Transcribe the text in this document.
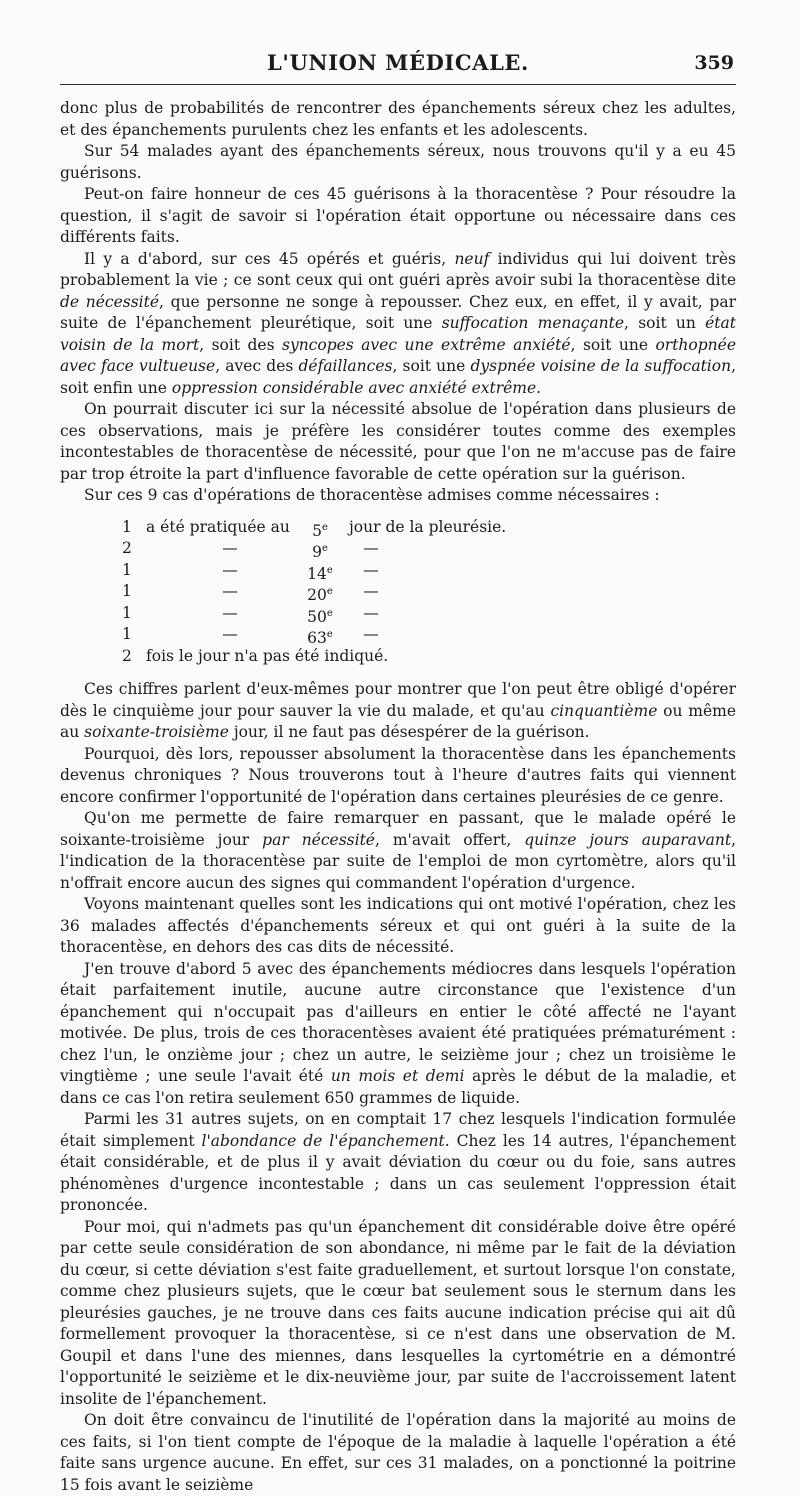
L'UNION MÉDICALE.	359

donc plus de probabilités de rencontrer des épanchements séreux chez les adultes, et des épanchements purulents chez les enfants et les adolescents.

Sur 54 malades ayant des épanchements séreux, nous trouvons qu'il y a eu 45 guérisons.

Peut-on faire honneur de ces 45 guérisons à la thoracentèse ? Pour résoudre la question, il s'agit de savoir si l'opération était opportune ou nécessaire dans ces différents faits.

Il y a d'abord, sur ces 45 opérés et guéris, neuf individus qui lui doivent très probablement la vie ; ce sont ceux qui ont guéri après avoir subi la thoracentèse dite de nécessité, que personne ne songe à repousser. Chez eux, en effet, il y avait, par suite de l'épanchement pleurétique, soit une suffocation menaçante, soit un état voisin de la mort, soit des syncopes avec une extrême anxiété, soit une orthopnée avec face vultueuse, avec des défaillances, soit une dyspnée voisine de la suffocation, soit enfin une oppression considérable avec anxiété extrême.

On pourrait discuter ici sur la nécessité absolue de l'opération dans plusieurs de ces observations, mais je préfère les considérer toutes comme des exemples incontestables de thoracentèse de nécessité, pour que l'on ne m'accuse pas de faire par trop étroite la part d'influence favorable de cette opération sur la guérison.

Sur ces 9 cas d'opérations de thoracentèse admises comme nécessaires :

1 a été pratiquée au	5e	jour de la pleurésie.
2	—	9e	—
1	—	14e	—
1	—	20e	—
1	—	50e	—
1	—	63e	—
2 fois le jour n'a pas été indiqué.

Ces chiffres parlent d'eux-mêmes pour montrer que l'on peut être obligé d'opérer dès le cinquième jour pour sauver la vie du malade, et qu'au cinquantième ou même au soixante-troisième jour, il ne faut pas désespérer de la guérison.

Pourquoi, dès lors, repousser absolument la thoracentèse dans les épanchements devenus chroniques ? Nous trouverons tout à l'heure d'autres faits qui viennent encore confirmer l'opportunité de l'opération dans certaines pleurésies de ce genre.

Qu'on me permette de faire remarquer en passant, que le malade opéré le soixante-troisième jour par nécessité, m'avait offert, quinze jours auparavant, l'indication de la thoracentèse par suite de l'emploi de mon cyrtomètre, alors qu'il n'offrait encore aucun des signes qui commandent l'opération d'urgence.

Voyons maintenant quelles sont les indications qui ont motivé l'opération, chez les 36 malades affectés d'épanchements séreux et qui ont guéri à la suite de la thoracentèse, en dehors des cas dits de nécessité.

J'en trouve d'abord 5 avec des épanchements médiocres dans lesquels l'opération était parfaitement inutile, aucune autre circonstance que l'existence d'un épanchement qui n'occupait pas d'ailleurs en entier le côté affecté ne l'ayant motivée. De plus, trois de ces thoracentèses avaient été pratiquées prématurément : chez l'un, le onzième jour ; chez un autre, le seizième jour ; chez un troisième le vingtième ; une seule l'avait été un mois et demi après le début de la maladie, et dans ce cas l'on retira seulement 650 grammes de liquide.

Parmi les 31 autres sujets, on en comptait 17 chez lesquels l'indication formulée était simplement l'abondance de l'épanchement. Chez les 14 autres, l'épanchement était considérable, et de plus il y avait déviation du cœur ou du foie, sans autres phénomènes d'urgence incontestable ; dans un cas seulement l'oppression était prononcée.

Pour moi, qui n'admets pas qu'un épanchement dit considérable doive être opéré par cette seule considération de son abondance, ni même par le fait de la déviation du cœur, si cette déviation s'est faite graduellement, et surtout lorsque l'on constate, comme chez plusieurs sujets, que le cœur bat seulement sous le sternum dans les pleurésies gauches, je ne trouve dans ces faits aucune indication précise qui ait dû formellement provoquer la thoracentèse, si ce n'est dans une observation de M. Goupil et dans l'une des miennes, dans lesquelles la cyrtométrie en a démontré l'opportunité le seizième et le dix-neuvième jour, par suite de l'accroissement latent insolite de l'épanchement.

On doit être convaincu de l'inutilité de l'opération dans la majorité au moins de ces faits, si l'on tient compte de l'époque de la maladie à laquelle l'opération a été faite sans urgence aucune. En effet, sur ces 31 malades, on a ponctionné la poitrine 15 fois avant le seizième
